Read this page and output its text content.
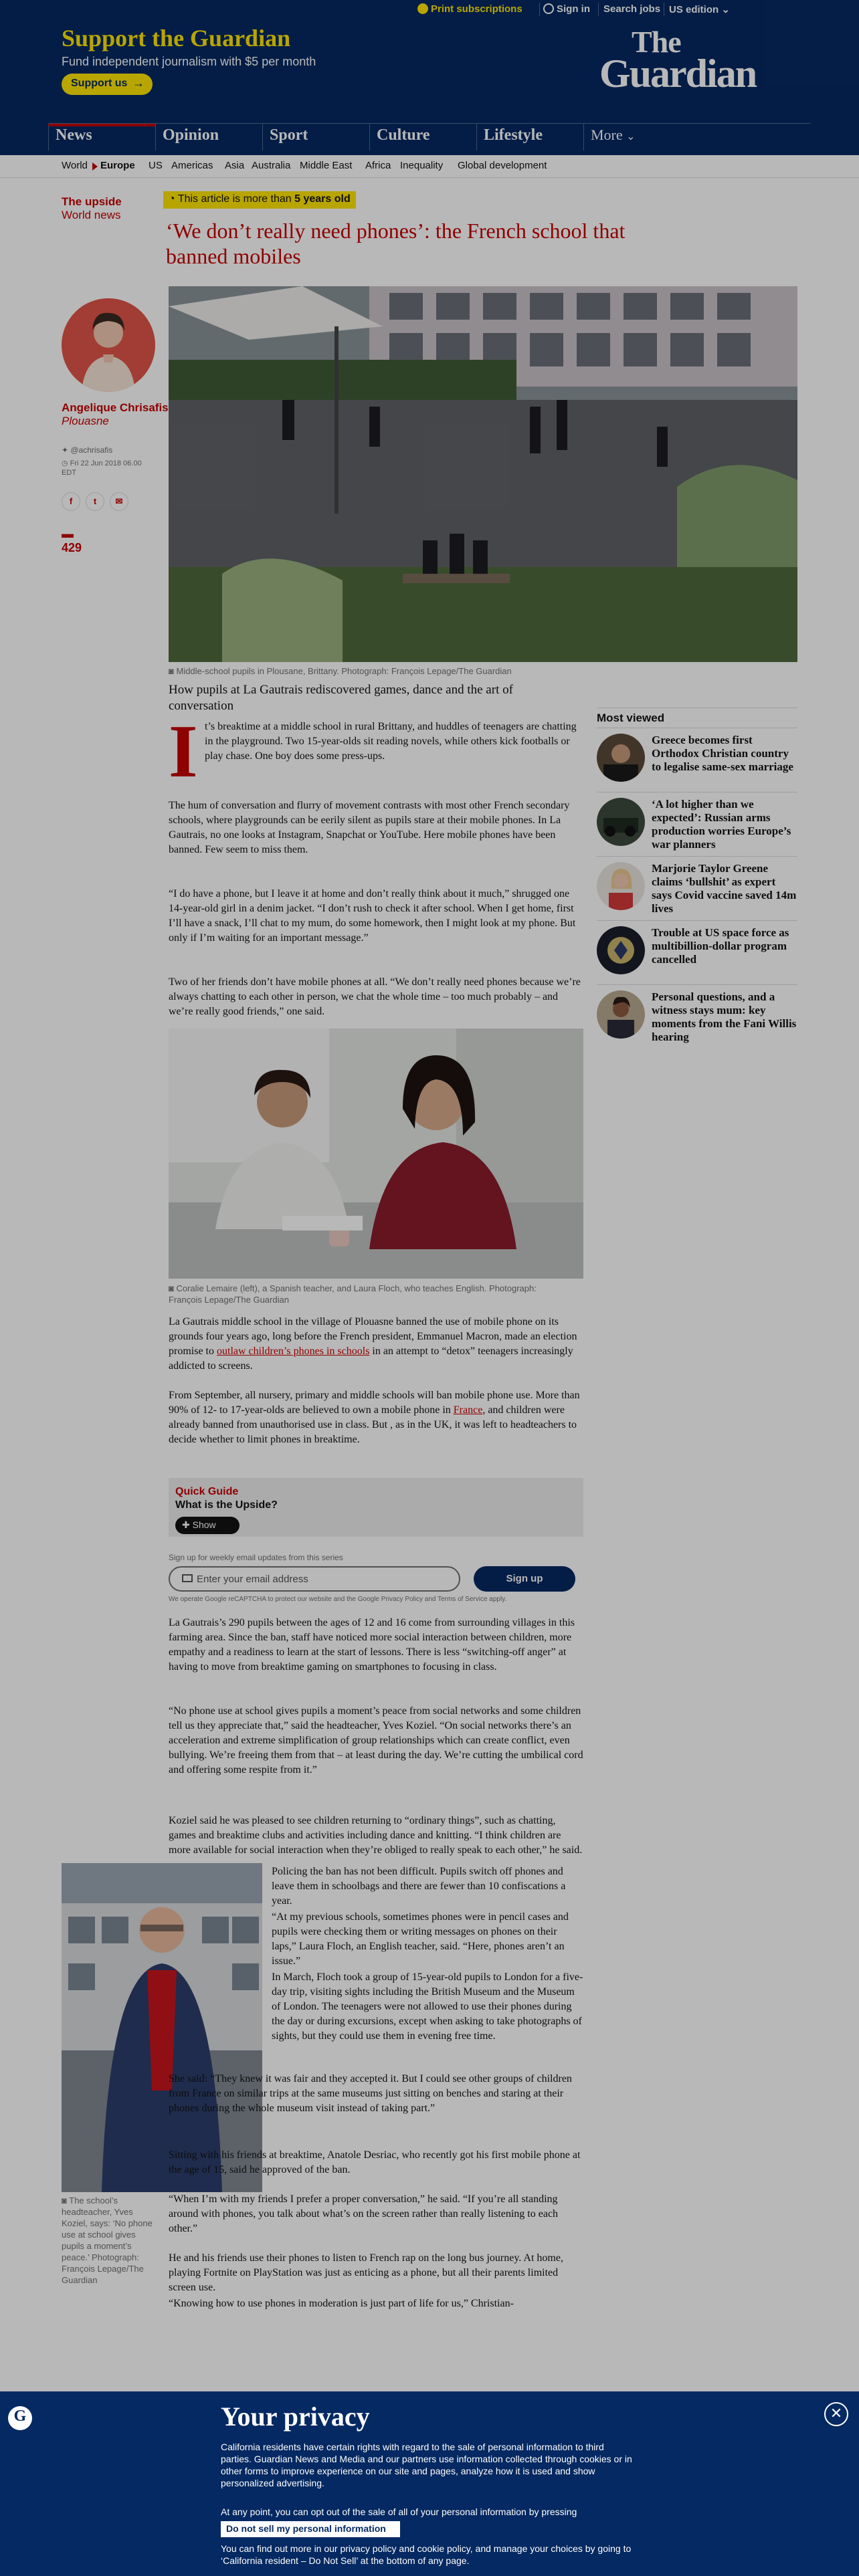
Print subscriptions	Sign in Search jobs US edition ⌄
Support the Guardian
Fund independent journalism with $5 per month
Support us →
The
Guardian
News	Opinion	Sport	Culture	Lifestyle	More ⌄
World Europe US Americas Asia Australia Middle East Africa Inequality Global development
The upside
World news
◔ This article is more than 5 years old
‘We don’t really need phones’: the French school that banned mobiles
Angelique Chrisafis
Plouasne
✦ @achrisafis
◷ Fri 22 Jun 2018 06.00 EDT
f	t	✉
▬
429
◙ Middle-school pupils in Plousane, Brittany. Photograph: François Lepage/The Guardian
How pupils at La Gautrais rediscovered games, dance and the art of conversation
I t’s breaktime at a middle school in rural Brittany, and huddles of teenagers are chatting in the playground. Two 15-year-olds sit reading novels, while others kick footballs or play chase. One boy does some press-ups.

The hum of conversation and flurry of movement contrasts with most other French secondary schools, where playgrounds can be eerily silent as pupils stare at their mobile phones. In La Gautrais, no one looks at Instagram, Snapchat or YouTube. Here mobile phones have been banned. Few seem to miss them.

“I do have a phone, but I leave it at home and don’t really think about it much,” shrugged one 14-year-old girl in a denim jacket. “I don’t rush to check it after school. When I get home, first I’ll have a snack, I’ll chat to my mum, do some homework, then I might look at my phone. But only if I’m waiting for an important message.”

Two of her friends don’t have mobile phones at all. “We don’t really need phones because we’re always chatting to each other in person, we chat the whole time – too much probably – and we’re really good friends,” one said.

◙ Coralie Lemaire (left), a Spanish teacher, and Laura Floch, who teaches English. Photograph: François Lepage/The Guardian

La Gautrais middle school in the village of Plouasne banned the use of mobile phone on its grounds four years ago, long before the French president, Emmanuel Macron, made an election promise to outlaw children’s phones in schools in an attempt to “detox” teenagers increasingly addicted to screens.

From September, all nursery, primary and middle schools will ban mobile phone use. More than 90% of 12- to 17-year-olds are believed to own a mobile phone in France, and children were already banned from unauthorised use in class. But , as in the UK, it was left to headteachers to decide whether to limit phones in breaktime.

Quick Guide
What is the Upside?
✚ Show
Sign up for weekly email updates from this series
Enter your email address	Sign up
We operate Google reCAPTCHA to protect our website and the Google Privacy Policy and Terms of Service apply.

La Gautrais’s 290 pupils between the ages of 12 and 16 come from surrounding villages in this farming area. Since the ban, staff have noticed more social interaction between children, more empathy and a readiness to learn at the start of lessons. There is less “switching-off anger” at having to move from breaktime gaming on smartphones to focusing in class.

“No phone use at school gives pupils a moment’s peace from social networks and some children tell us they appreciate that,” said the headteacher, Yves Koziel. “On social networks there’s an acceleration and extreme simplification of group relationships which can create conflict, even bullying. We’re freeing them from that – at least during the day. We’re cutting the umbilical cord and offering some respite from it.”

Koziel said he was pleased to see children returning to “ordinary things”, such as chatting, games and breaktime clubs and activities including dance and knitting. “I think children are more available for social interaction when they’re obliged to really speak to each other,” he said.

◙ The school’s headteacher, Yves Koziel, says: ‘No phone use at school gives pupils a moment’s peace.’ Photograph: François Lepage/The Guardian

Policing the ban has not been difficult. Pupils switch off phones and leave them in schoolbags and there are fewer than 10 confiscations a year.

“At my previous schools, sometimes phones were in pencil cases and pupils were checking them or writing messages on phones on their laps,” Laura Floch, an English teacher, said. “Here, phones aren’t an issue.”

In March, Floch took a group of 15-year-old pupils to London for a five-day trip, visiting sights including the British Museum and the Museum of London. The teenagers were not allowed to use their phones during the day or during excursions, except when asking to take photographs of sights, but they could use them in evening free time.

She said: “They knew it was fair and they accepted it. But I could see other groups of children from France on similar trips at the same museums just sitting on benches and staring at their phones during the whole museum visit instead of taking part.”

Sitting with his friends at breaktime, Anatole Desriac, who recently got his first mobile phone at the age of 15, said he approved of the ban.

“When I’m with my friends I prefer a proper conversation,” he said. “If you’re all standing around with phones, you talk about what’s on the screen rather than really listening to each other.”

He and his friends use their phones to listen to French rap on the long bus journey. At home, playing Fortnite on PlayStation was just as enticing as a phone, but all their parents limited screen use.

“Knowing how to use phones in moderation is just part of life for us,” Christian-

Most viewed
Greece becomes first Orthodox Christian country to legalise same-sex marriage
‘A lot higher than we expected’: Russian arms production worries Europe’s war planners
Marjorie Taylor Greene claims ‘bullshit’ as expert says Covid vaccine saved 14m lives
Trouble at US space force as multibillion-dollar program cancelled
Personal questions, and a witness stays mum: key moments from the Fani Willis hearing
G	Your privacy	✕

California residents have certain rights with regard to the sale of personal information to third parties. Guardian News and Media and our partners use information collected through cookies or in other forms to improve experience on our site and pages, analyze how it is used and show personalized advertising.

At any point, you can opt out of the sale of all of your personal information by pressing

Do not sell my personal information

You can find out more in our privacy policy and cookie policy, and manage your choices by going to ‘California resident – Do Not Sell’ at the bottom of any page.
